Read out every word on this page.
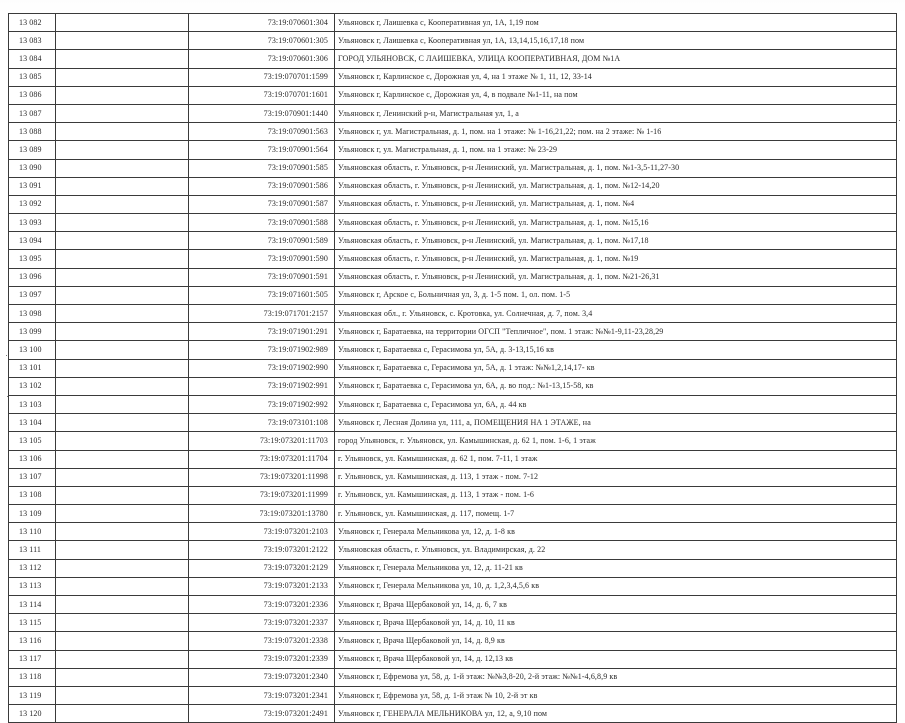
13 082		73:19:070601:304	Ульяновск г, Лаишевка с, Кооперативная ул, 1А, 1,19 пом
13 083		73:19:070601:305	Ульяновск г, Лаишевка с, Кооперативная ул, 1А, 13,14,15,16,17,18 пом
13 084		73:19:070601:306	ГОРОД УЛЬЯНОВСК, С ЛАИШЕВКА, УЛИЦА КООПЕРАТИВНАЯ, ДОМ №1А
13 085		73:19:070701:1599	Ульяновск г, Карлинское с, Дорожная ул, 4, на 1 этаже № 1, 11, 12, 33-14
13 086		73:19:070701:1601	Ульяновск г, Карлинское с, Дорожная ул, 4, в подвале №1-11, на пом
13 087		73:19:070901:1440	Ульяновск г, Ленинский р-н, Магистральная ул, 1, а
13 088		73:19:070901:563	Ульяновск г, ул. Магистральная, д. 1, пом. на 1 этаже: № 1-16,21,22; пом. на 2 этаже: № 1-16
13 089		73:19:070901:564	Ульяновск г, ул. Магистральная, д. 1, пом. на 1 этаже: № 23-29
13 090		73:19:070901:585	Ульяновская область, г. Ульяновск, р-н Ленинский, ул. Магистральная, д. 1, пом. №1-3,5-11,27-30
13 091		73:19:070901:586	Ульяновская область, г. Ульяновск, р-н Ленинский, ул. Магистральная, д. 1, пом. №12-14,20
13 092		73:19:070901:587	Ульяновская область, г. Ульяновск, р-н Ленинский, ул. Магистральная, д. 1, пом. №4
13 093		73:19:070901:588	Ульяновская область, г. Ульяновск, р-н Ленинский, ул. Магистральная, д. 1, пом. №15,16
13 094		73:19:070901:589	Ульяновская область, г. Ульяновск, р-н Ленинский, ул. Магистральная, д. 1, пом. №17,18
13 095		73:19:070901:590	Ульяновская область, г. Ульяновск, р-н Ленинский, ул. Магистральная, д. 1, пом. №19
13 096		73:19:070901:591	Ульяновская область, г. Ульяновск, р-н Ленинский, ул. Магистральная, д. 1, пом. №21-26,31
13 097		73:19:071601:505	Ульяновск г, Арское с, Больничная ул, 3, д. 1-5 пом. 1, ол. пом. 1-5
13 098		73:19:071701:2157	Ульяновская обл., г. Ульяновск, с. Кротовка, ул. Солнечная, д. 7, пом. 3,4
13 099		73:19:071901:291	Ульяновск г, Баратаевка, на территории ОГСП "Тепличное", пом. 1 этаж: №№1-9,11-23,28,29
13 100		73:19:071902:989	Ульяновск г, Баратаевка с, Герасимова ул, 5А, д. 3-13,15,16 кв
13 101		73:19:071902:990	Ульяновск г, Баратаевка с, Герасимова ул, 5А, д. 1 этаж: №№1,2,14,17- кв
13 102		73:19:071902:991	Ульяновск г, Баратаевка с, Герасимова ул, 6А, д. во под.: №1-13,15-58, кв
13 103		73:19:071902:992	Ульяновск г, Баратаевка с, Герасимова ул, 6А, д. 44 кв
13 104		73:19:073101:108	Ульяновск г, Лесная Долина ул, 111, а, ПОМЕЩЕНИЯ НА 1 ЭТАЖЕ, на
13 105		73:19:073201:11703	город Ульяновск, г. Ульяновск, ул. Камышинская, д. 62 1, пом. 1-6, 1 этаж
13 106		73:19:073201:11704	г. Ульяновск, ул. Камышинская, д. 62 1, пом. 7-11, 1 этаж
13 107		73:19:073201:11998	г. Ульяновск, ул. Камышинская, д. 113, 1 этаж - пом. 7-12
13 108		73:19:073201:11999	г. Ульяновск, ул. Камышинская, д. 113, 1 этаж - пом. 1-6
13 109		73:19:073201:13780	г. Ульяновск, ул. Камышинская, д. 117, помещ. 1-7
13 110		73:19:073201:2103	Ульяновск г, Генерала Мельникова ул, 12, д. 1-8 кв
13 111		73:19:073201:2122	Ульяновская область, г. Ульяновск, ул. Владимирская, д. 22
13 112		73:19:073201:2129	Ульяновск г, Генерала Мельникова ул, 12, д. 11-21 кв
13 113		73:19:073201:2133	Ульяновск г, Генерала Мельникова ул, 10, д. 1,2,3,4,5,6 кв
13 114		73:19:073201:2336	Ульяновск г, Врача Щербаковой ул, 14, д. 6, 7 кв
13 115		73:19:073201:2337	Ульяновск г, Врача Щербаковой ул, 14, д. 10, 11 кв
13 116		73:19:073201:2338	Ульяновск г, Врача Щербаковой ул, 14, д. 8,9 кв
13 117		73:19:073201:2339	Ульяновск г, Врача Щербаковой ул, 14, д. 12,13 кв
13 118		73:19:073201:2340	Ульяновск г, Ефремова ул, 58, д. 1-й этаж: №№3,8-20, 2-й этаж: №№1-4,6,8,9 кв
13 119		73:19:073201:2341	Ульяновск г, Ефремова ул, 58, д. 1-й этаж № 10, 2-й эт кв
13 120		73:19:073201:2491	Ульяновск г, ГЕНЕРАЛА МЕЛЬНИКОВА ул, 12, а, 9,10 пом
